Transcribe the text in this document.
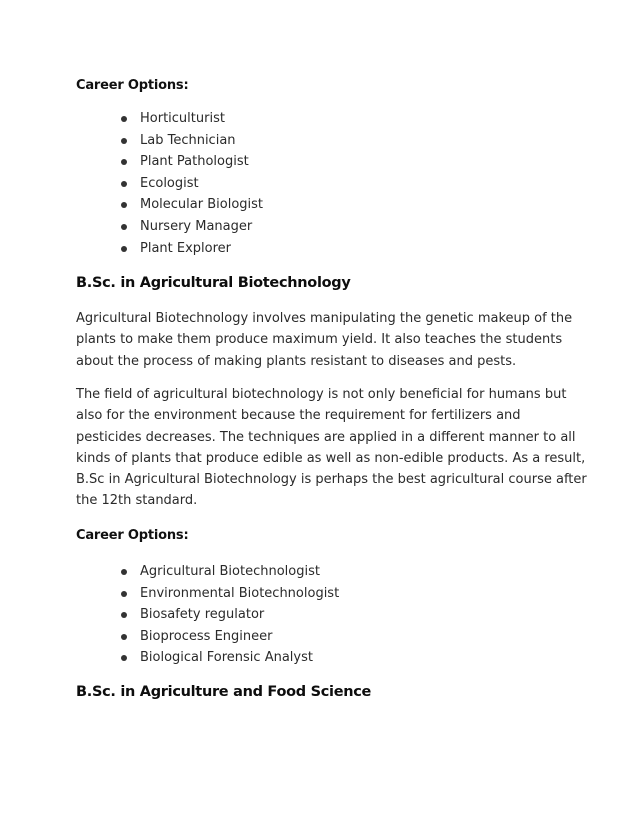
Career Options:
Horticulturist
Lab Technician
Plant Pathologist
Ecologist
Molecular Biologist
Nursery Manager
Plant Explorer
B.Sc. in Agricultural Biotechnology

Agricultural Biotechnology involves manipulating the genetic makeup of the
plants to make them produce maximum yield. It also teaches the students
about the process of making plants resistant to diseases and pests.

The field of agricultural biotechnology is not only beneficial for humans but
also for the environment because the requirement for fertilizers and
pesticides decreases. The techniques are applied in a different manner to all
kinds of plants that produce edible as well as non-edible products. As a result,
B.Sc in Agricultural Biotechnology is perhaps the best agricultural course after
the 12th standard.

Career Options:
Agricultural Biotechnologist
Environmental Biotechnologist
Biosafety regulator
Bioprocess Engineer
Biological Forensic Analyst
B.Sc. in Agriculture and Food Science
